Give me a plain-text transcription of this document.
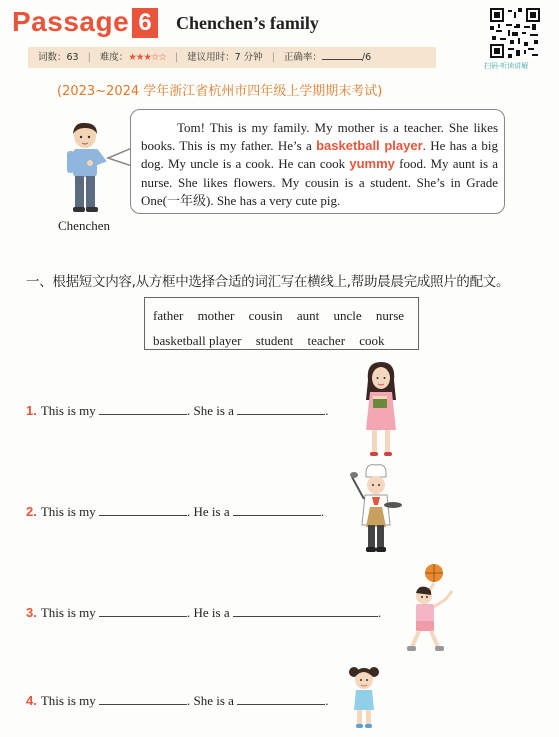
Passage 6	Chenchen’s family
扫码·听读讲解
词数：63 | 难度：★★★☆☆ | 建议用时：7 分钟 | 正确率：	/6
(2023~2024 学年浙江省杭州市四年级上学期期末考试)
Chenchen
Tom! This is my family. My mother is a teacher. She likes books. This is my father. He’s a basketball player. He has a big dog. My uncle is a cook. He can cook yummy food. My aunt is a nurse. She likes flowers. My cousin is a student. She’s in Grade One(一年级). She has a very cute pig.
一、根据短文内容,从方框中选择合适的词汇写在横线上,帮助晨晨完成照片的配文。
father mother cousin aunt uncle nurse
basketball player student teacher cook
1. This is my	. She is a	.
2. This is my	. He is a	.
3. This is my	. He is a	.
4. This is my	. She is a	.
